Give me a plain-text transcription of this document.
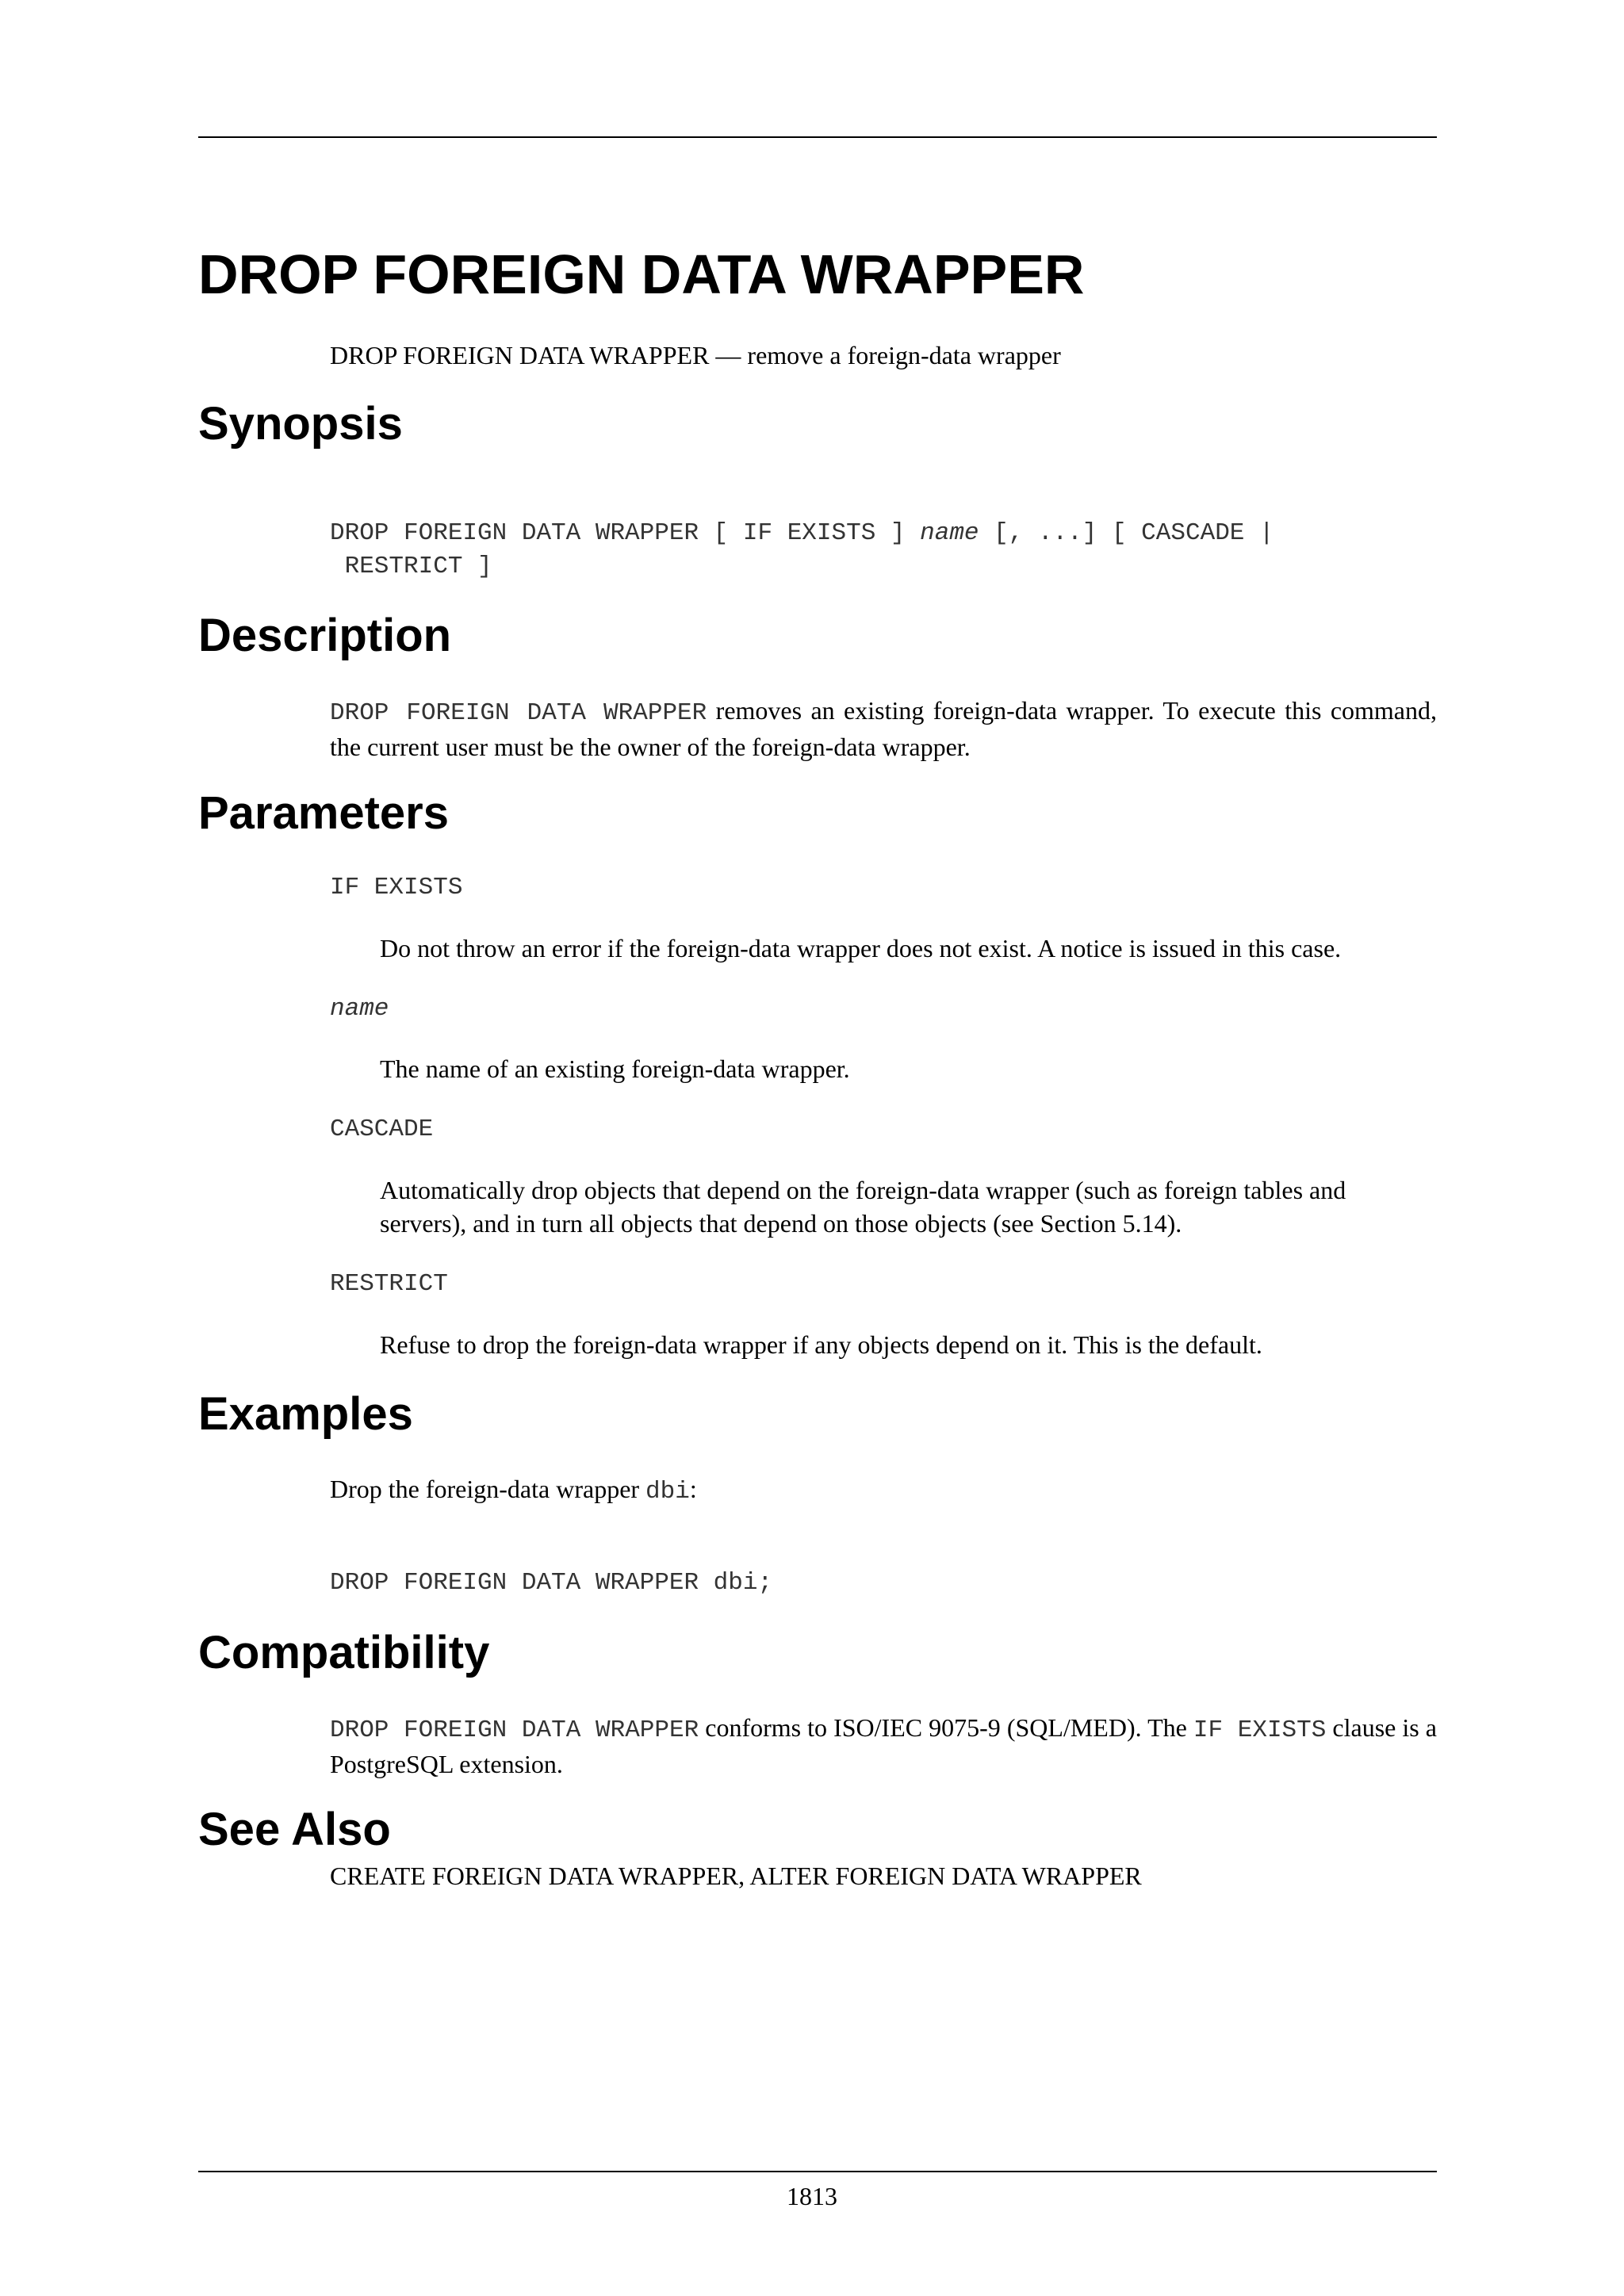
DROP FOREIGN DATA WRAPPER
DROP FOREIGN DATA WRAPPER — remove a foreign-data wrapper
Synopsis
DROP FOREIGN DATA WRAPPER [ IF EXISTS ] name [, ...] [ CASCADE |
RESTRICT ]
Description
DROP FOREIGN DATA WRAPPER removes an existing foreign-data wrapper. To execute this command, the current user must be the owner of the foreign-data wrapper.
Parameters
IF EXISTS
Do not throw an error if the foreign-data wrapper does not exist. A notice is issued in this case.
name
The name of an existing foreign-data wrapper.
CASCADE
Automatically drop objects that depend on the foreign-data wrapper (such as foreign tables and servers), and in turn all objects that depend on those objects (see Section 5.14).
RESTRICT
Refuse to drop the foreign-data wrapper if any objects depend on it. This is the default.
Examples
Drop the foreign-data wrapper dbi:
DROP FOREIGN DATA WRAPPER dbi;
Compatibility
DROP FOREIGN DATA WRAPPER conforms to ISO/IEC 9075-9 (SQL/MED). The IF EXISTS clause is a PostgreSQL extension.
See Also
CREATE FOREIGN DATA WRAPPER, ALTER FOREIGN DATA WRAPPER
1813
